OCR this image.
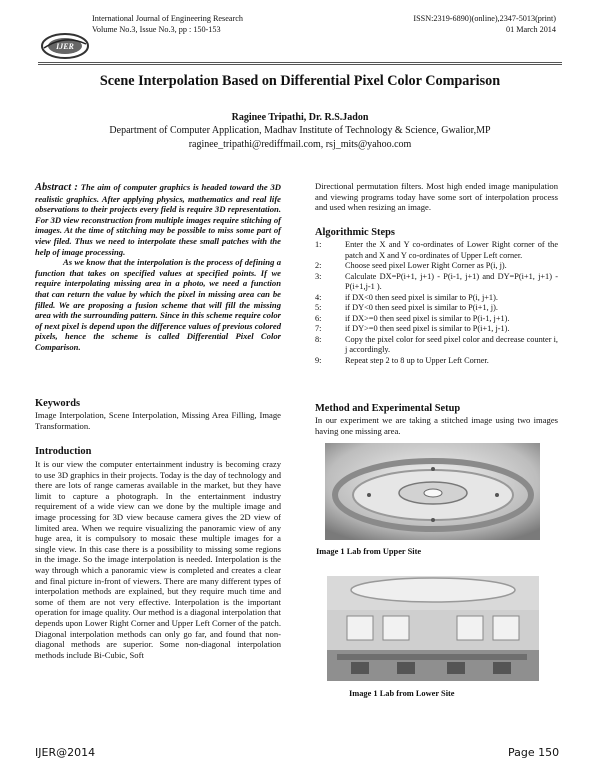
IJER
International Journal of Engineering Research
Volume No.3, Issue No.3, pp : 150-153
ISSN:2319-6890)(online),2347-5013(print)
01 March 2014
Scene Interpolation Based on Differential Pixel Color Comparison
Raginee Tripathi, Dr. R.S.Jadon
Department of Computer Application, Madhav Institute of Technology & Science, Gwalior,MP
raginee_tripathi@rediffmail.com, rsj_mits@yahoo.com

Abstract : The aim of computer graphics is headed toward the 3D realistic graphics. After applying physics, mathematics and real life observations to their projects every field is require 3D representation. For 3D view reconstruction from multiple images require stitching of images. At the time of stitching may be possible to miss some part of view filed. Thus we need to interpolate these small patches with the help of image processing.

As we know that the interpolation is the process of defining a function that takes on specified values at specified points. If we require interpolating missing area in a photo, we need a function that can return the value by which the pixel in missing area can be filled. We are proposing a fusion scheme that will fill the missing area with the surrounding pattern. Since in this scheme require color of next pixel is depend upon the difference values of previous colored pixels, hence the scheme is called Differential Pixel Color Comparison.

Keywords
Image Interpolation, Scene Interpolation, Missing Area Filling, Image Transformation.
Introduction
It is our view the computer entertainment industry is becoming crazy to use 3D graphics in their projects. Today is the day of technology and there are lots of range cameras available in the market, but they have limit to capture a photograph. In the entertainment industry requirement of a wide view can we done by the multiple image and image processing for 3D view because camera gives the 2D view of limited area. When we require visualizing the panoramic view of any huge area, it is compulsory to mosaic these multiple images for a single view. In this case there is a possibility to missing some regions in the image. So the image interpolation is needed. Interpolation is the way through which a panoramic view is completed and creates a clear and final picture in-front of viewers. There are many different types of interpolation methods are explained, but they require much time and some of them are not very effective. Interpolation is the important operation for image quality. Our method is a diagonal interpolation that depends upon Lower Right Corner and Upper Left Corner of the patch. Diagonal interpolation methods can only go far, and found that non-diagonal methods are superior. Some non-diagonal interpolation methods include Bi-Cubic, Soft
Directional permutation filters. Most high ended image manipulation and viewing programs today have some sort of interpolation process and used when resizing an image.
Algorithmic Steps
1:	Enter the X and Y co-ordinates of Lower Right corner of the patch and X and Y co-ordinates of Upper Left corner.
2:	Choose seed pixel Lower Right Corner as P(i, j).
3:	Calculate DX=P(i+1, j+1) - P(i-1, j+1) and DY=P(i+1, j+1) - P(i+1,j-1 ).
4:	if DX<0 then seed pixel is similar to P(i, j+1).
5:	if DY<0 then seed pixel is similar to P(i+1, j).
6:	if DX>=0 then seed pixel is similar to P(i-1, j+1).
7:	if DY>=0 then seed pixel is similar to P(i+1, j-1).
8:	Copy the pixel color for seed pixel color and decrease counter i, j accordingly.
9:	Repeat step 2 to 8 up to Upper Left Corner.
Method and Experimental Setup
In our experiment we are taking a stitched image using two images having one missing area.
Image 1 Lab from Upper Site
Image 1 Lab from Lower Site
IJER@2014	Page 150
